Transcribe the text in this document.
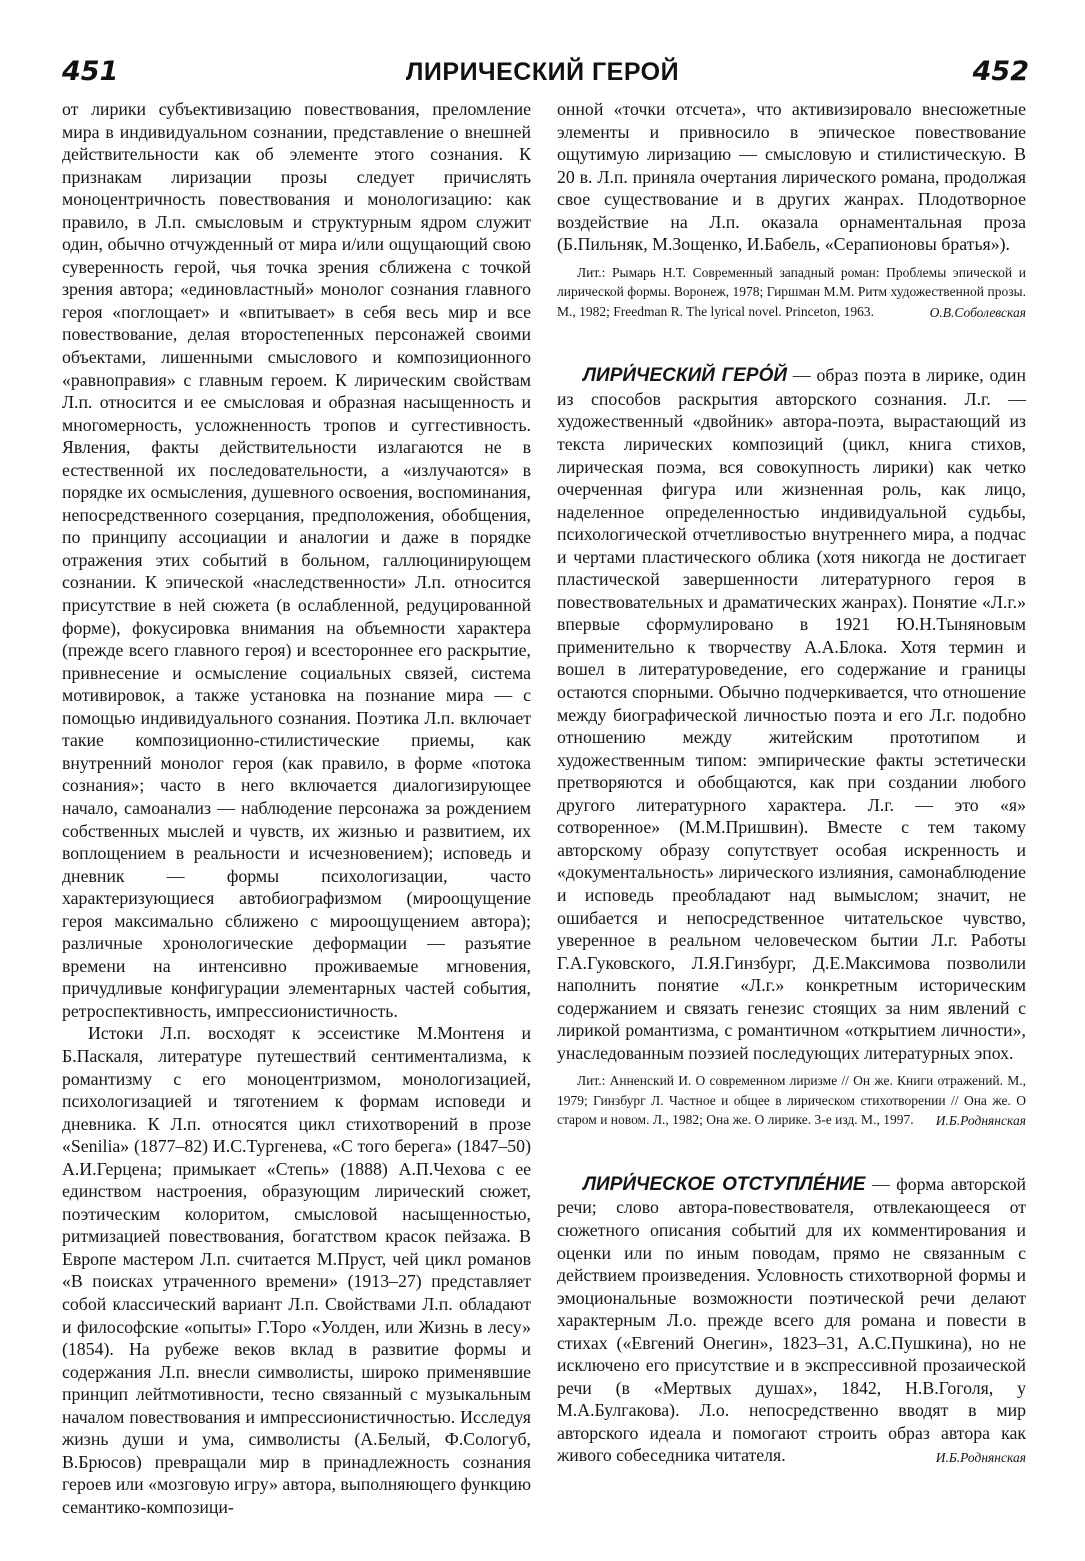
451	ЛИРИЧЕСКИЙ ГЕРОЙ	452

от лирики субъективизацию повествования, преломление мира в индивидуальном сознании, представление о внешней действительности как об элементе этого сознания. К признакам лиризации прозы следует причислять моноцентричность повествования и монологизацию: как правило, в Л.п. смысловым и структурным ядром служит один, обычно отчужденный от мира и/или ощущающий свою суверенность герой, чья точка зрения сближена с точкой зрения автора; «единовластный» монолог сознания главного героя «поглощает» и «впитывает» в себя весь мир и все повествование, делая второстепенных персонажей своими объектами, лишенными смыслового и композиционного «равноправия» с главным героем. К лирическим свойствам Л.п. относится и ее смысловая и образная насыщенность и многомерность, усложненность тропов и суггестивность. Явления, факты действительности излагаются не в естественной их последовательности, а «излучаются» в порядке их осмысления, душевного освоения, воспоминания, непосредственного созерцания, предположения, обобщения, по принципу ассоциации и аналогии и даже в порядке отражения этих событий в больном, галлюцинирующем сознании. К эпической «наследственности» Л.п. относится присутствие в ней сюжета (в ослабленной, редуцированной форме), фокусировка внимания на объемности характера (прежде всего главного героя) и всестороннее его раскрытие, привнесение и осмысление социальных связей, система мотивировок, а также установка на познание мира — с помощью индивидуального сознания. Поэтика Л.п. включает такие композиционно-стилистические приемы, как внутренний монолог героя (как правило, в форме «потока сознания»; часто в него включается диалогизирующее начало, самоанализ — наблюдение персонажа за рождением собственных мыслей и чувств, их жизнью и развитием, их воплощением в реальности и исчезновением); исповедь и дневник — формы психологизации, часто характеризующиеся автобиографизмом (мироощущение героя максимально сближено с мироощущением автора); различные хронологические деформации — разъятие времени на интенсивно проживаемые мгновения, причудливые конфигурации элементарных частей события, ретроспективность, импрессионистичность.

Истоки Л.п. восходят к эссеистике М.Монтеня и Б.Паскаля, литературе путешествий сентиментализма, к романтизму с его моноцентризмом, монологизацией, психологизацией и тяготением к формам исповеди и дневника. К Л.п. относятся цикл стихотворений в прозе «Senilia» (1877–82) И.С.Тургенева, «С того берега» (1847–50) А.И.Герцена; примыкает «Степь» (1888) А.П.Чехова с ее единством настроения, образующим лирический сюжет, поэтическим колоритом, смысловой насыщенностью, ритмизацией повествования, богатством красок пейзажа. В Европе мастером Л.п. считается М.Пруст, чей цикл романов «В поисках утраченного времени» (1913–27) представляет собой классический вариант Л.п. Свойствами Л.п. обладают и философские «опыты» Г.Торо «Уолден, или Жизнь в лесу» (1854). На рубеже веков вклад в развитие формы и содержания Л.п. внесли символисты, широко применявшие принцип лейтмотивности, тесно связанный с музыкальным началом повествования и импрессионистичностью. Исследуя жизнь души и ума, символисты (А.Белый, Ф.Сологуб, В.Брюсов) превращали мир в принадлежность сознания героев или «мозговую игру» автора, выполняющего функцию семантико-композици-

онной «точки отсчета», что активизировало внесюжетные элементы и привносило в эпическое повествование ощутимую лиризацию — смысловую и стилистическую. В 20 в. Л.п. приняла очертания лирического романа, продолжая свое существование и в других жанрах. Плодотворное воздействие на Л.п. оказала орнаментальная проза (Б.Пильняк, М.Зощенко, И.Бабель, «Серапионовы братья»).

Лит.: Рымарь Н.Т. Современный западный роман: Проблемы эпической и лирической формы. Воронеж, 1978; Гиршман М.М. Ритм художественной прозы. М., 1982; Freedman R. The lyrical novel. Princeton, 1963.	О.В.Соболевская

ЛИРИ́ЧЕСКИЙ ГЕРО́Й — образ поэта в лирике, один из способов раскрытия авторского сознания. Л.г. — художественный «двойник» автора-поэта, вырастающий из текста лирических композиций (цикл, книга стихов, лирическая поэма, вся совокупность лирики) как четко очерченная фигура или жизненная роль, как лицо, наделенное определенностью индивидуальной судьбы, психологической отчетливостью внутреннего мира, а подчас и чертами пластического облика (хотя никогда не достигает пластической завершенности литературного героя в повествовательных и драматических жанрах). Понятие «Л.г.» впервые сформулировано в 1921 Ю.Н.Тыняновым применительно к творчеству А.А.Блока. Хотя термин и вошел в литературоведение, его содержание и границы остаются спорными. Обычно подчеркивается, что отношение между биографической личностью поэта и его Л.г. подобно отношению между житейским прототипом и художественным типом: эмпирические факты эстетически претворяются и обобщаются, как при создании любого другого литературного характера. Л.г. — это «я» сотворенное» (М.М.Пришвин). Вместе с тем такому авторскому образу сопутствует особая искренность и «документальность» лирического излияния, самонаблюдение и исповедь преобладают над вымыслом; значит, не ошибается и непосредственное читательское чувство, уверенное в реальном человеческом бытии Л.г. Работы Г.А.Гуковского, Л.Я.Гинзбург, Д.Е.Максимова позволили наполнить понятие «Л.г.» конкретным историческим содержанием и связать генезис стоящих за ним явлений с лирикой романтизма, с романтичном «открытием личности», унаследованным поэзией последующих литературных эпох.

Лит.: Анненский И. О современном лиризме // Он же. Книги отражений. М., 1979; Гинзбург Л. Частное и общее в лирическом стихотворении // Она же. О старом и новом. Л., 1982; Она же. О лирике. 3-е изд. М., 1997.	И.Б.Роднянская

ЛИРИ́ЧЕСКОЕ ОТСТУПЛЕ́НИЕ — форма авторской речи; слово автора-повествователя, отвлекающееся от сюжетного описания событий для их комментирования и оценки или по иным поводам, прямо не связанным с действием произведения. Условность стихотворной формы и эмоциональные возможности поэтической речи делают характерным Л.о. прежде всего для романа и повести в стихах («Евгений Онегин», 1823–31, А.С.Пушкина), но не исключено его присутствие и в экспрессивной прозаической речи (в «Мертвых душах», 1842, Н.В.Гоголя, у М.А.Булгакова). Л.о. непосредственно вводят в мир авторского идеала и помогают строить образ автора как живого собеседника читателя.	И.Б.Роднянская
